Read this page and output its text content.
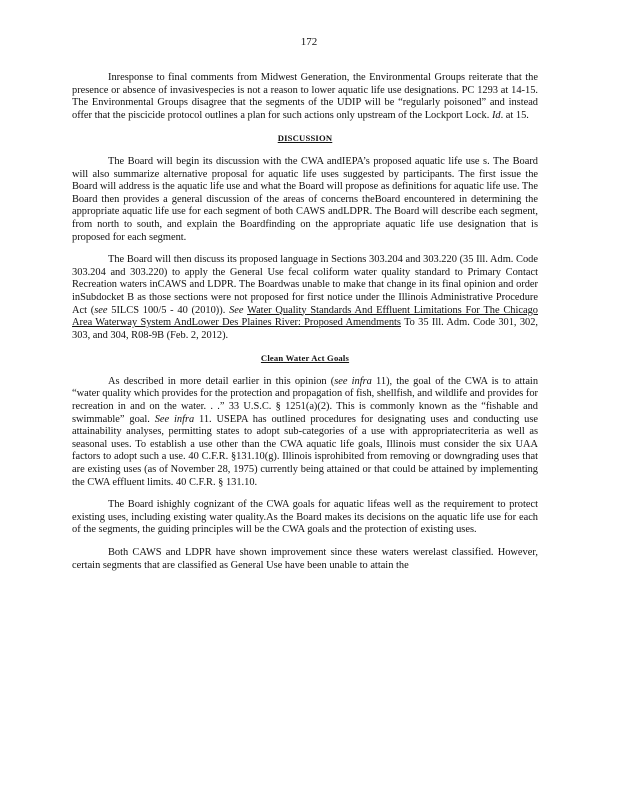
172

Inresponse to final comments from Midwest Generation, the Environmental Groups reiterate that the presence or absence of invasivespecies is not a reason to lower aquatic life use designations. PC 1293 at 14-15. The Environmental Groups disagree that the segments of the UDIP will be “regularly poisoned” and instead offer that the piscicide protocol outlines a plan for such actions only upstream of the Lockport Lock. Id. at 15.

DISCUSSION

The Board will begin its discussion with the CWA andIEPA’s proposed aquatic life use s. The Board will also summarize alternative proposal for aquatic life uses suggested by participants. The first issue the Board will address is the aquatic life use and what the Board will propose as definitions for aquatic life use. The Board then provides a general discussion of the areas of concerns theBoard encountered in determining the appropriate aquatic life use for each segment of both CAWS andLDPR. The Board will describe each segment, from north to south, and explain the Boardfinding on the appropriate aquatic life use designation that is proposed for each segment.

The Board will then discuss its proposed language in Sections 303.204 and 303.220 (35 Ill. Adm. Code 303.204 and 303.220) to apply the General Use fecal coliform water quality standard to Primary Contact Recreation waters inCAWS and LDPR. The Boardwas unable to make that change in its final opinion and order inSubdocket B as those sections were not proposed for first notice under the Illinois Administrative Procedure Act (see 5ILCS 100/5 - 40 (2010)). See Water Quality Standards And Effluent Limitations For The Chicago Area Waterway System AndLower Des Plaines River: Proposed Amendments To 35 Ill. Adm. Code 301, 302, 303, and 304, R08-9B (Feb. 2, 2012).

Clean Water Act Goals

As described in more detail earlier in this opinion (see infra 11), the goal of the CWA is to attain “water quality which provides for the protection and propagation of fish, shellfish, and wildlife and provides for recreation in and on the water. . .” 33 U.S.C. § 1251(a)(2). This is commonly known as the “fishable and swimmable” goal. See infra 11. USEPA has outlined procedures for designating uses and conducting use attainability analyses, permitting states to adopt sub-categories of a use with appropriatecriteria as well as seasonal uses. To establish a use other than the CWA aquatic life goals, Illinois must consider the six UAA factors to adopt such a use. 40 C.F.R. §131.10(g). Illinois isprohibited from removing or downgrading uses that are existing uses (as of November 28, 1975) currently being attained or that could be attained by implementing the CWA effluent limits. 40 C.F.R. § 131.10.

The Board ishighly cognizant of the CWA goals for aquatic lifeas well as the requirement to protect existing uses, including existing water quality.As the Board makes its decisions on the aquatic life use for each of the segments, the guiding principles will be the CWA goals and the protection of existing uses.

Both CAWS and LDPR have shown improvement since these waters werelast classified. However, certain segments that are classified as General Use have been unable to attain the
